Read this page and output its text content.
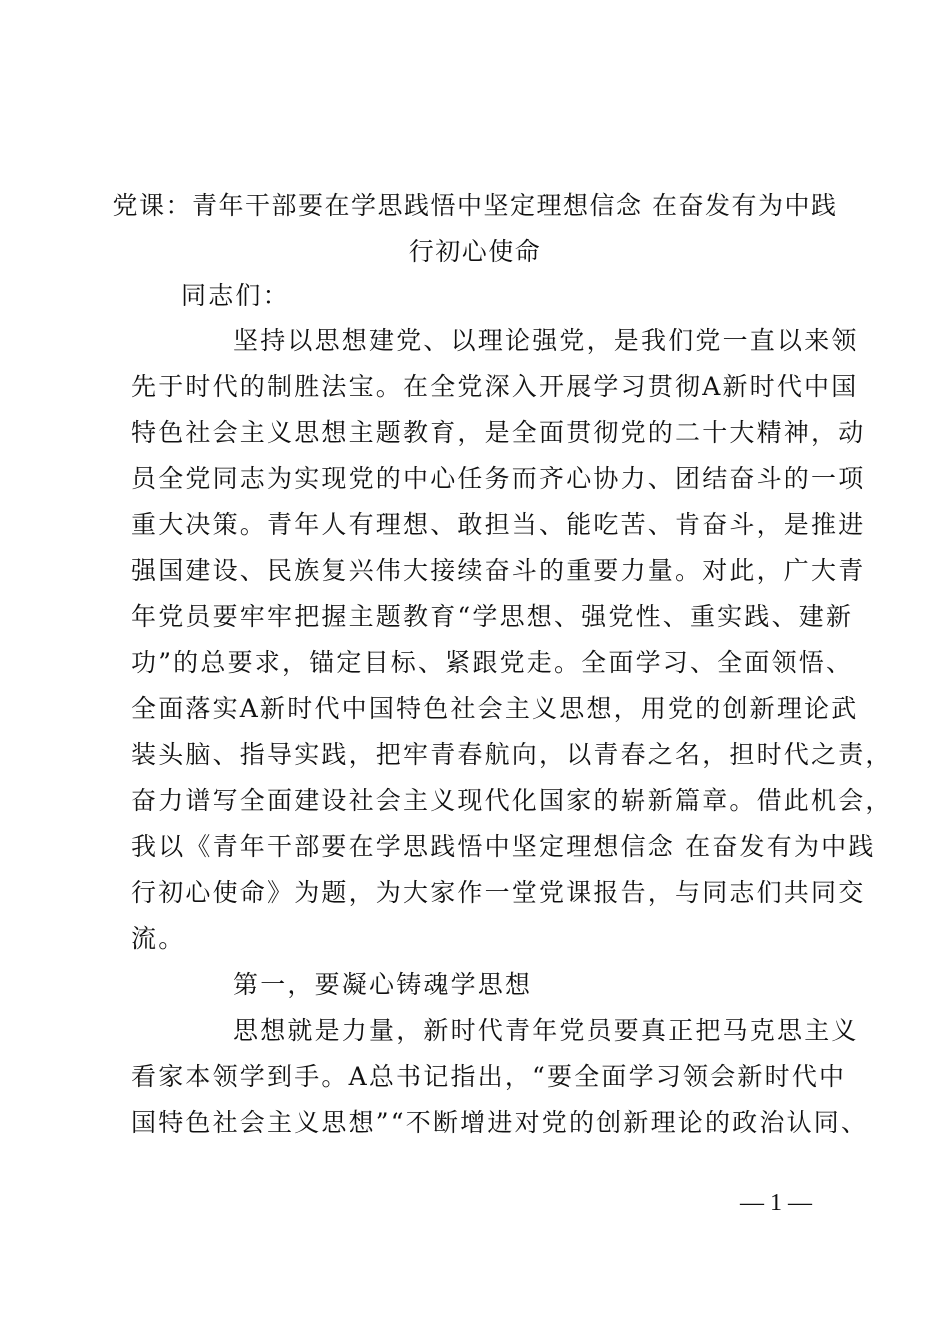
党课：青年干部要在学思践悟中坚定理想信念 在奋发有为中践
行初心使命
同志们：
坚持以思想建党、以理论强党，是我们党一直以来领
先于时代的制胜法宝。在全党深入开展学习贯彻A新时代中国
特色社会主义思想主题教育，是全面贯彻党的二十大精神，动
员全党同志为实现党的中心任务而齐心协力、团结奋斗的一项
重大决策。青年人有理想、敢担当、能吃苦、肯奋斗，是推进
强国建设、民族复兴伟大接续奋斗的重要力量。对此，广大青
年党员要牢牢把握主题教育“学思想、强党性、重实践、建新
功”的总要求，锚定目标、紧跟党走。全面学习、全面领悟、
全面落实A新时代中国特色社会主义思想，用党的创新理论武
装头脑、指导实践，把牢青春航向，以青春之名，担时代之责，
奋力谱写全面建设社会主义现代化国家的崭新篇章。借此机会，
我以《青年干部要在学思践悟中坚定理想信念 在奋发有为中践
行初心使命》为题，为大家作一堂党课报告，与同志们共同交
流。
第一，要凝心铸魂学思想
思想就是力量，新时代青年党员要真正把马克思主义
看家本领学到手。A总书记指出，“要全面学习领会新时代中
国特色社会主义思想”“不断增进对党的创新理论的政治认同、
— 1 —
